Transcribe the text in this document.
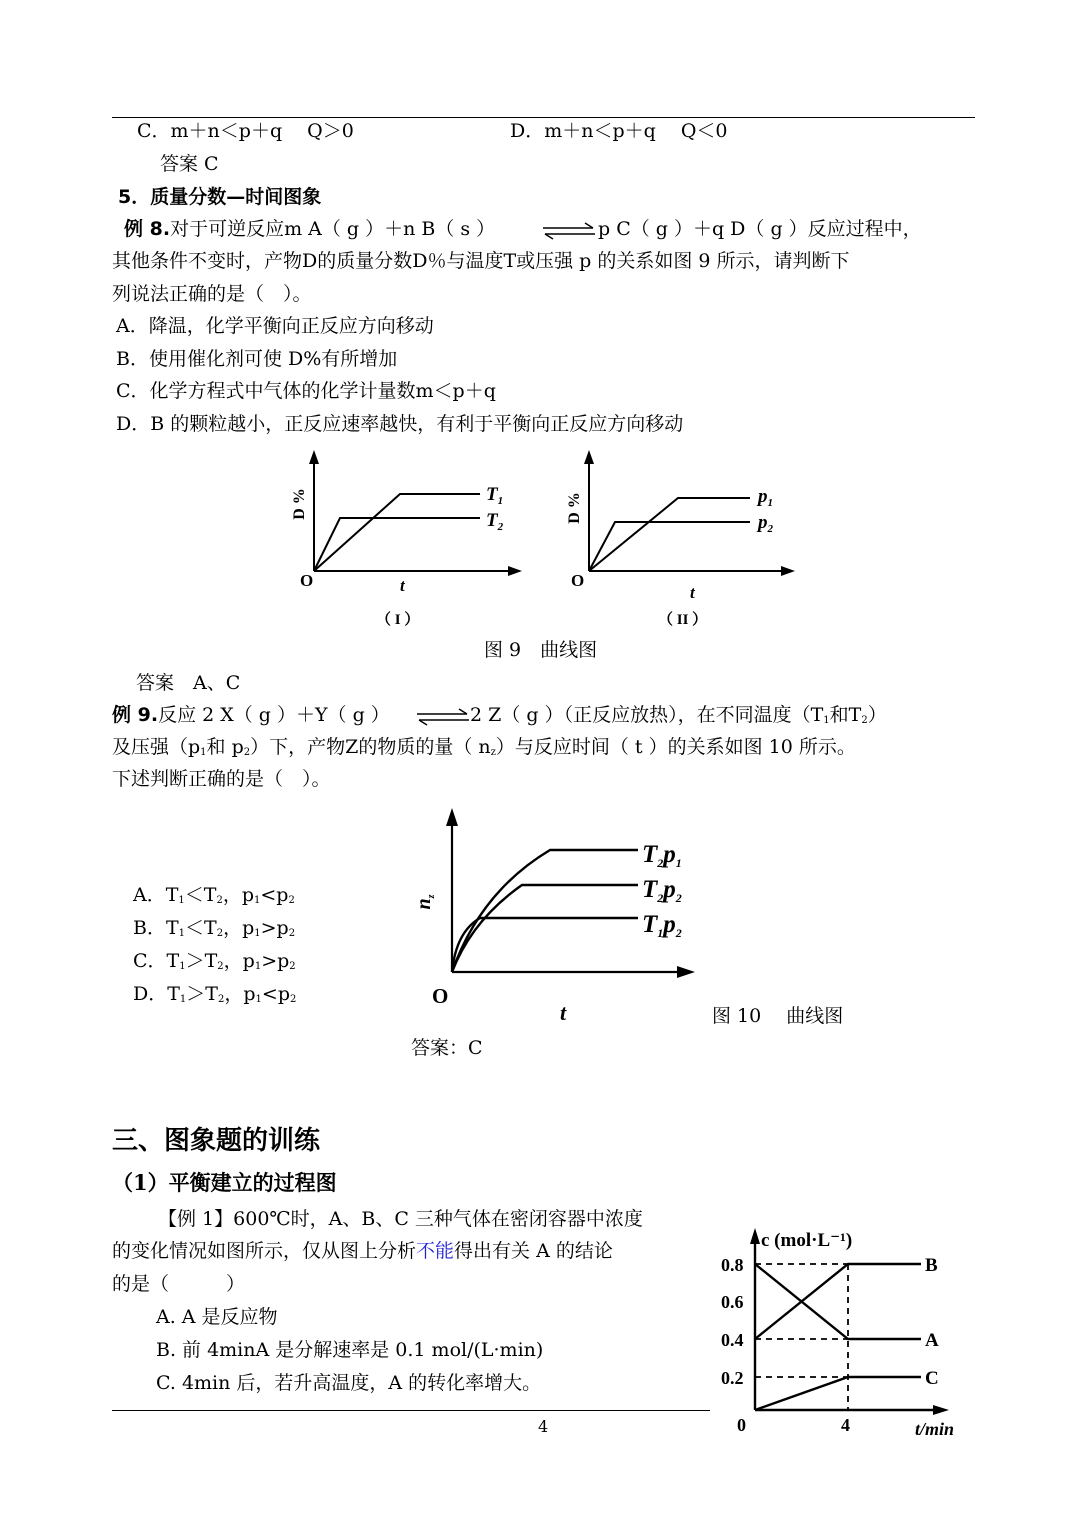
C．m＋n＜p＋q　 Q＞0	D．m＋n＜p＋q　 Q＜0
答案 C
5．质量分数—时间图象
例 8.对于可逆反应m A（ g ）＋n B（ s ） ⇌ p C（ g ）＋q D（ g ）反应过程中，
其他条件不变时，产物D的质量分数D％与温度T或压强 p 的关系如图 9 所示，请判断下
列说法正确的是（　）。
A．降温，化学平衡向正反应方向移动
B．使用催化剂可使 D%有所增加
C．化学方程式中气体的化学计量数m＜p＋q
D．B 的颗粒越小，正反应速率越快，有利于平衡向正反应方向移动
D %
O	t
（ I ）
$T_1$
$T_2$
D %
O
t
（ II ）
$p_1$
$p_2$
图 9　曲线图
答案　A、C
例 9.反应 2 X（ g ）＋Y（ g ） ⇌ 2 Z（ g ）（正反应放热），在不同温度（$T_1$和$T_2$）
及压强（$p_1$和 $p_2$）下，产物Z的物质的量（ $n_z$）与反应时间（ t ）的关系如图 10 所示。
下述判断正确的是（　）。
A．$T_1<T_2$，$p_1<p_2$
B．$T_1<T_2$，$p_1>p_2$
C．$T_1>T_2$，$p_1>p_2$
D．$T_1>T_2$，$p_1<p_2$
$n_z$
O
t
$T_2p_1$
$T_2p_2$
$T_1p_2$
图 10　 曲线图
答案：C
三、图象题的训练
（1）平衡建立的过程图
【例 1】600℃时，A、B、C 三种气体在密闭容器中浓度
的变化情况如图所示，仅从图上分析不能得出有关 A 的结论
的是（　　　）
A. A 是反应物
B. 前 4minA 是分解速率是 0.1 mol/(L·min)
C. 4min 后，若升高温度，A 的转化率增大。
4
c (mol·L⁻¹)
0.8
0.6
0.4
0.2
0	4	t/min
B
A
C
